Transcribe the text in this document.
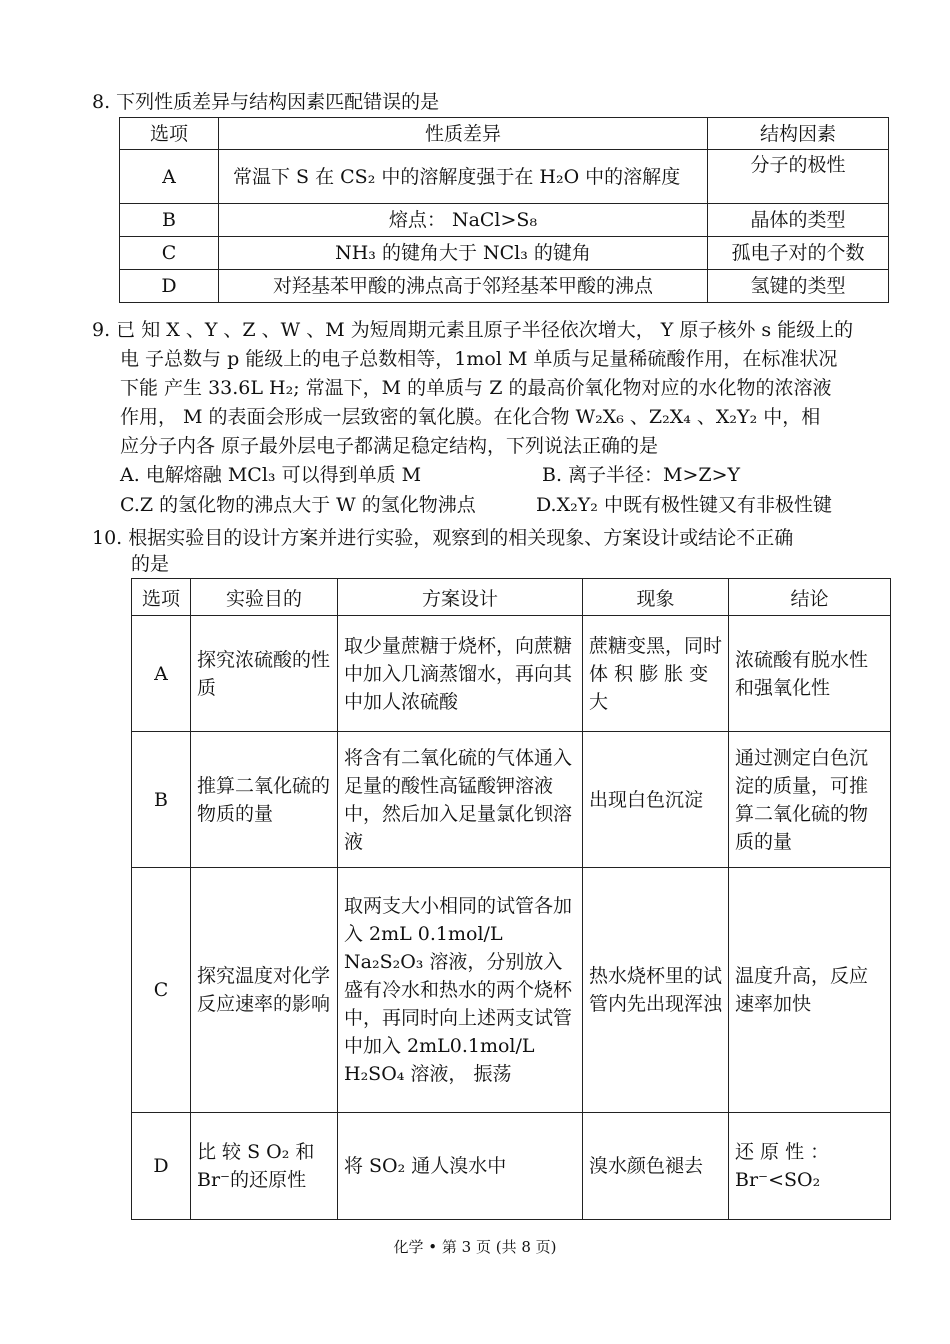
8. 下列性质差异与结构因素匹配错误的是
选项	性质差异	结构因素
A	常温下 S 在 CS₂ 中的溶解度强于在 H₂O 中的溶解度	分子的极性
B	熔点： NaCl>S₈	晶体的类型
C	NH₃ 的键角大于 NCl₃ 的键角	孤电子对的个数
D	对羟基苯甲酸的沸点高于邻羟基苯甲酸的沸点	氢键的类型
9. 已 知 X 、Y 、Z 、W 、M 为短周期元素且原子半径依次增大， Y 原子核外 s 能级上的
电 子总数与 p 能级上的电子总数相等，1mol M 单质与足量稀硫酸作用，在标准状况
下能 产生 33.6L H₂; 常温下，M 的单质与 Z 的最高价氧化物对应的水化物的浓溶液
作用， M 的表面会形成一层致密的氧化膜。在化合物 W₂X₆ 、Z₂X₄ 、X₂Y₂ 中，相
应分子内各 原子最外层电子都满足稳定结构，下列说法正确的是
A. 电解熔融 MCl₃ 可以得到单质 M	B. 离子半径：M>Z>Y
C.Z 的氢化物的沸点大于 W 的氢化物沸点	D.X₂Y₂ 中既有极性键又有非极性键
10. 根据实验目的设计方案并进行实验，观察到的相关现象、方案设计或结论不正确
的是
选项	实验目的	方案设计	现象	结论
A	探究浓硫酸的性质	取少量蔗糖于烧杯，向蔗糖中加入几滴蒸馏水，再向其中加人浓硫酸	蔗糖变黑，同时 体 积 膨 胀 变大	浓硫酸有脱水性和强氧化性
B	推算二氧化硫的物质的量	将含有二氧化硫的气体通入足量的酸性高锰酸钾溶液中，然后加入足量氯化钡溶液	出现白色沉淀	通过测定白色沉淀的质量，可推算二氧化硫的物质的量
C	探究温度对化学反应速率的影响	取两支大小相同的试管各加 入 2mL 0.1mol/L Na₂S₂O₃ 溶液，分别放入盛有冷水和热水的两个烧杯中，再同时向上述两支试管中加入 2mL0.1mol/L H₂SO₄ 溶液， 振荡	热水烧杯里的试管内先出现浑浊	温度升高，反应速率加快
D	比 较 S O₂ 和 Br⁻的还原性	将 SO₂ 通人溴水中	溴水颜色褪去	还 原 性 ： Br⁻<SO₂
化学 • 第 3 页 (共 8 页)
